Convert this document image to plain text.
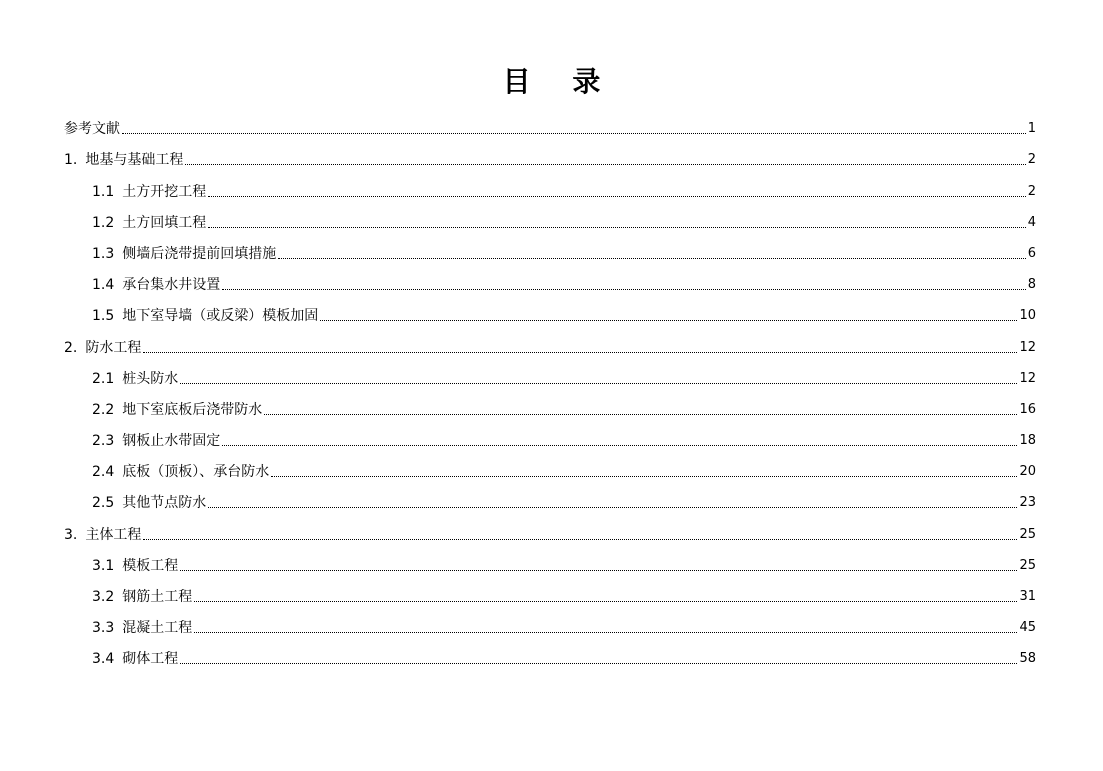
目 录
参考文献	1
1. 地基与基础工程	2
1.1 土方开挖工程	2
1.2 土方回填工程	4
1.3 侧墙后浇带提前回填措施	6
1.4 承台集水井设置	8
1.5 地下室导墙（或反梁）模板加固	10
2. 防水工程	12
2.1 桩头防水	12
2.2 地下室底板后浇带防水	16
2.3 钢板止水带固定	18
2.4 底板（顶板）、承台防水	20
2.5 其他节点防水	23
3. 主体工程	25
3.1 模板工程	25
3.2 钢筋土工程	31
3.3 混凝土工程	45
3.4 砌体工程	58
